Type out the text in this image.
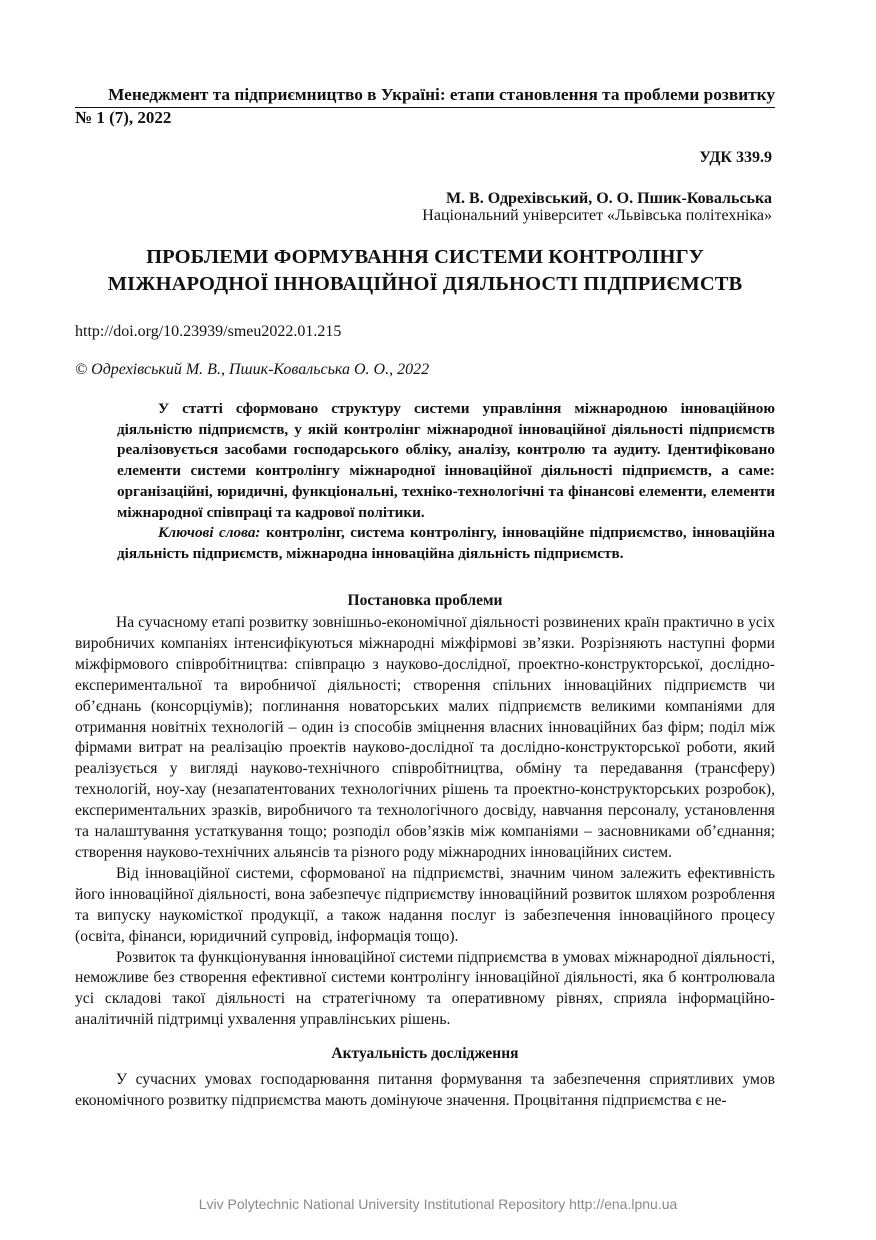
Менеджмент та підприємництво в Україні: етапи становлення та проблеми розвитку
№ 1 (7), 2022
УДК 339.9
М. В. Одрехівський, О. О. Пшик-Ковальська
Національний університет «Львівська політехніка»
ПРОБЛЕМИ ФОРМУВАННЯ СИСТЕМИ КОНТРОЛІНГУ
МІЖНАРОДНОЇ ІННОВАЦІЙНОЇ ДІЯЛЬНОСТІ ПІДПРИЄМСТВ
http://doi.org/10.23939/smeu2022.01.215
© Одрехівський М. В., Пшик-Ковальська О. О., 2022

У статті сформовано структуру системи управління міжнародною інноваційною діяльністю підприємств, у якій контролінг міжнародної інноваційної діяльності підприємств реалізовується засобами господарського обліку, аналізу, контролю та аудиту. Ідентифіковано елементи системи контролінгу міжнародної інноваційної діяльності підприємств, а саме: організаційні, юридичні, функціональні, техніко-технологічні та фінансові елементи, елементи міжнародної співпраці та кадрової політики.

Ключові слова: контролінг, система контролінгу, інноваційне підприємство, інноваційна діяльність підприємств, міжнародна інноваційна діяльність підприємств.

Постановка проблеми

На сучасному етапі розвитку зовнішньо-економічної діяльності розвинених країн практично в усіх виробничих компаніях інтенсифікуються міжнародні міжфірмові зв’язки. Розрізняють наступні форми міжфірмового співробітництва: співпрацю з науково-дослідної, проектно-конструкторської, дослідно-експериментальної та виробничої діяльності; створення спільних інноваційних підприємств чи об’єднань (консорціумів); поглинання новаторських малих підприємств великими компаніями для отримання новітніх технологій – один із способів зміцнення власних інноваційних баз фірм; поділ між фірмами витрат на реалізацію проектів науково-дослідної та дослідно-конструкторської роботи, який реалізується у вигляді науково-технічного співробітництва, обміну та передавання (трансферу) технологій, ноу-хау (незапатентованих технологічних рішень та проектно-конструкторських розробок), експериментальних зразків, виробничого та технологічного досвіду, навчання персоналу, установлення та налаштування устаткування тощо; розподіл обов’язків між компаніями – засновниками об’єднання; створення науково-технічних альянсів та різного роду міжнародних інноваційних систем.

Від інноваційної системи, сформованої на підприємстві, значним чином залежить ефективність його інноваційної діяльності, вона забезпечує підприємству інноваційний розвиток шляхом розроблення та випуску наукомісткої продукції, а також надання послуг із забезпечення інноваційного процесу (освіта, фінанси, юридичний супровід, інформація тощо).

Розвиток та функціонування інноваційної системи підприємства в умовах міжнародної діяльності, неможливе без створення ефективної системи контролінгу інноваційної діяльності, яка б контролювала усі складові такої діяльності на стратегічному та оперативному рівнях, сприяла інформаційно-аналітичній підтримці ухвалення управлінських рішень.

Актуальність дослідження

У сучасних умовах господарювання питання формування та забезпечення сприятливих умов економічного розвитку підприємства мають домінуюче значення. Процвітання підприємства є не-

Lviv Polytechnic National University Institutional Repository http://ena.lpnu.ua
